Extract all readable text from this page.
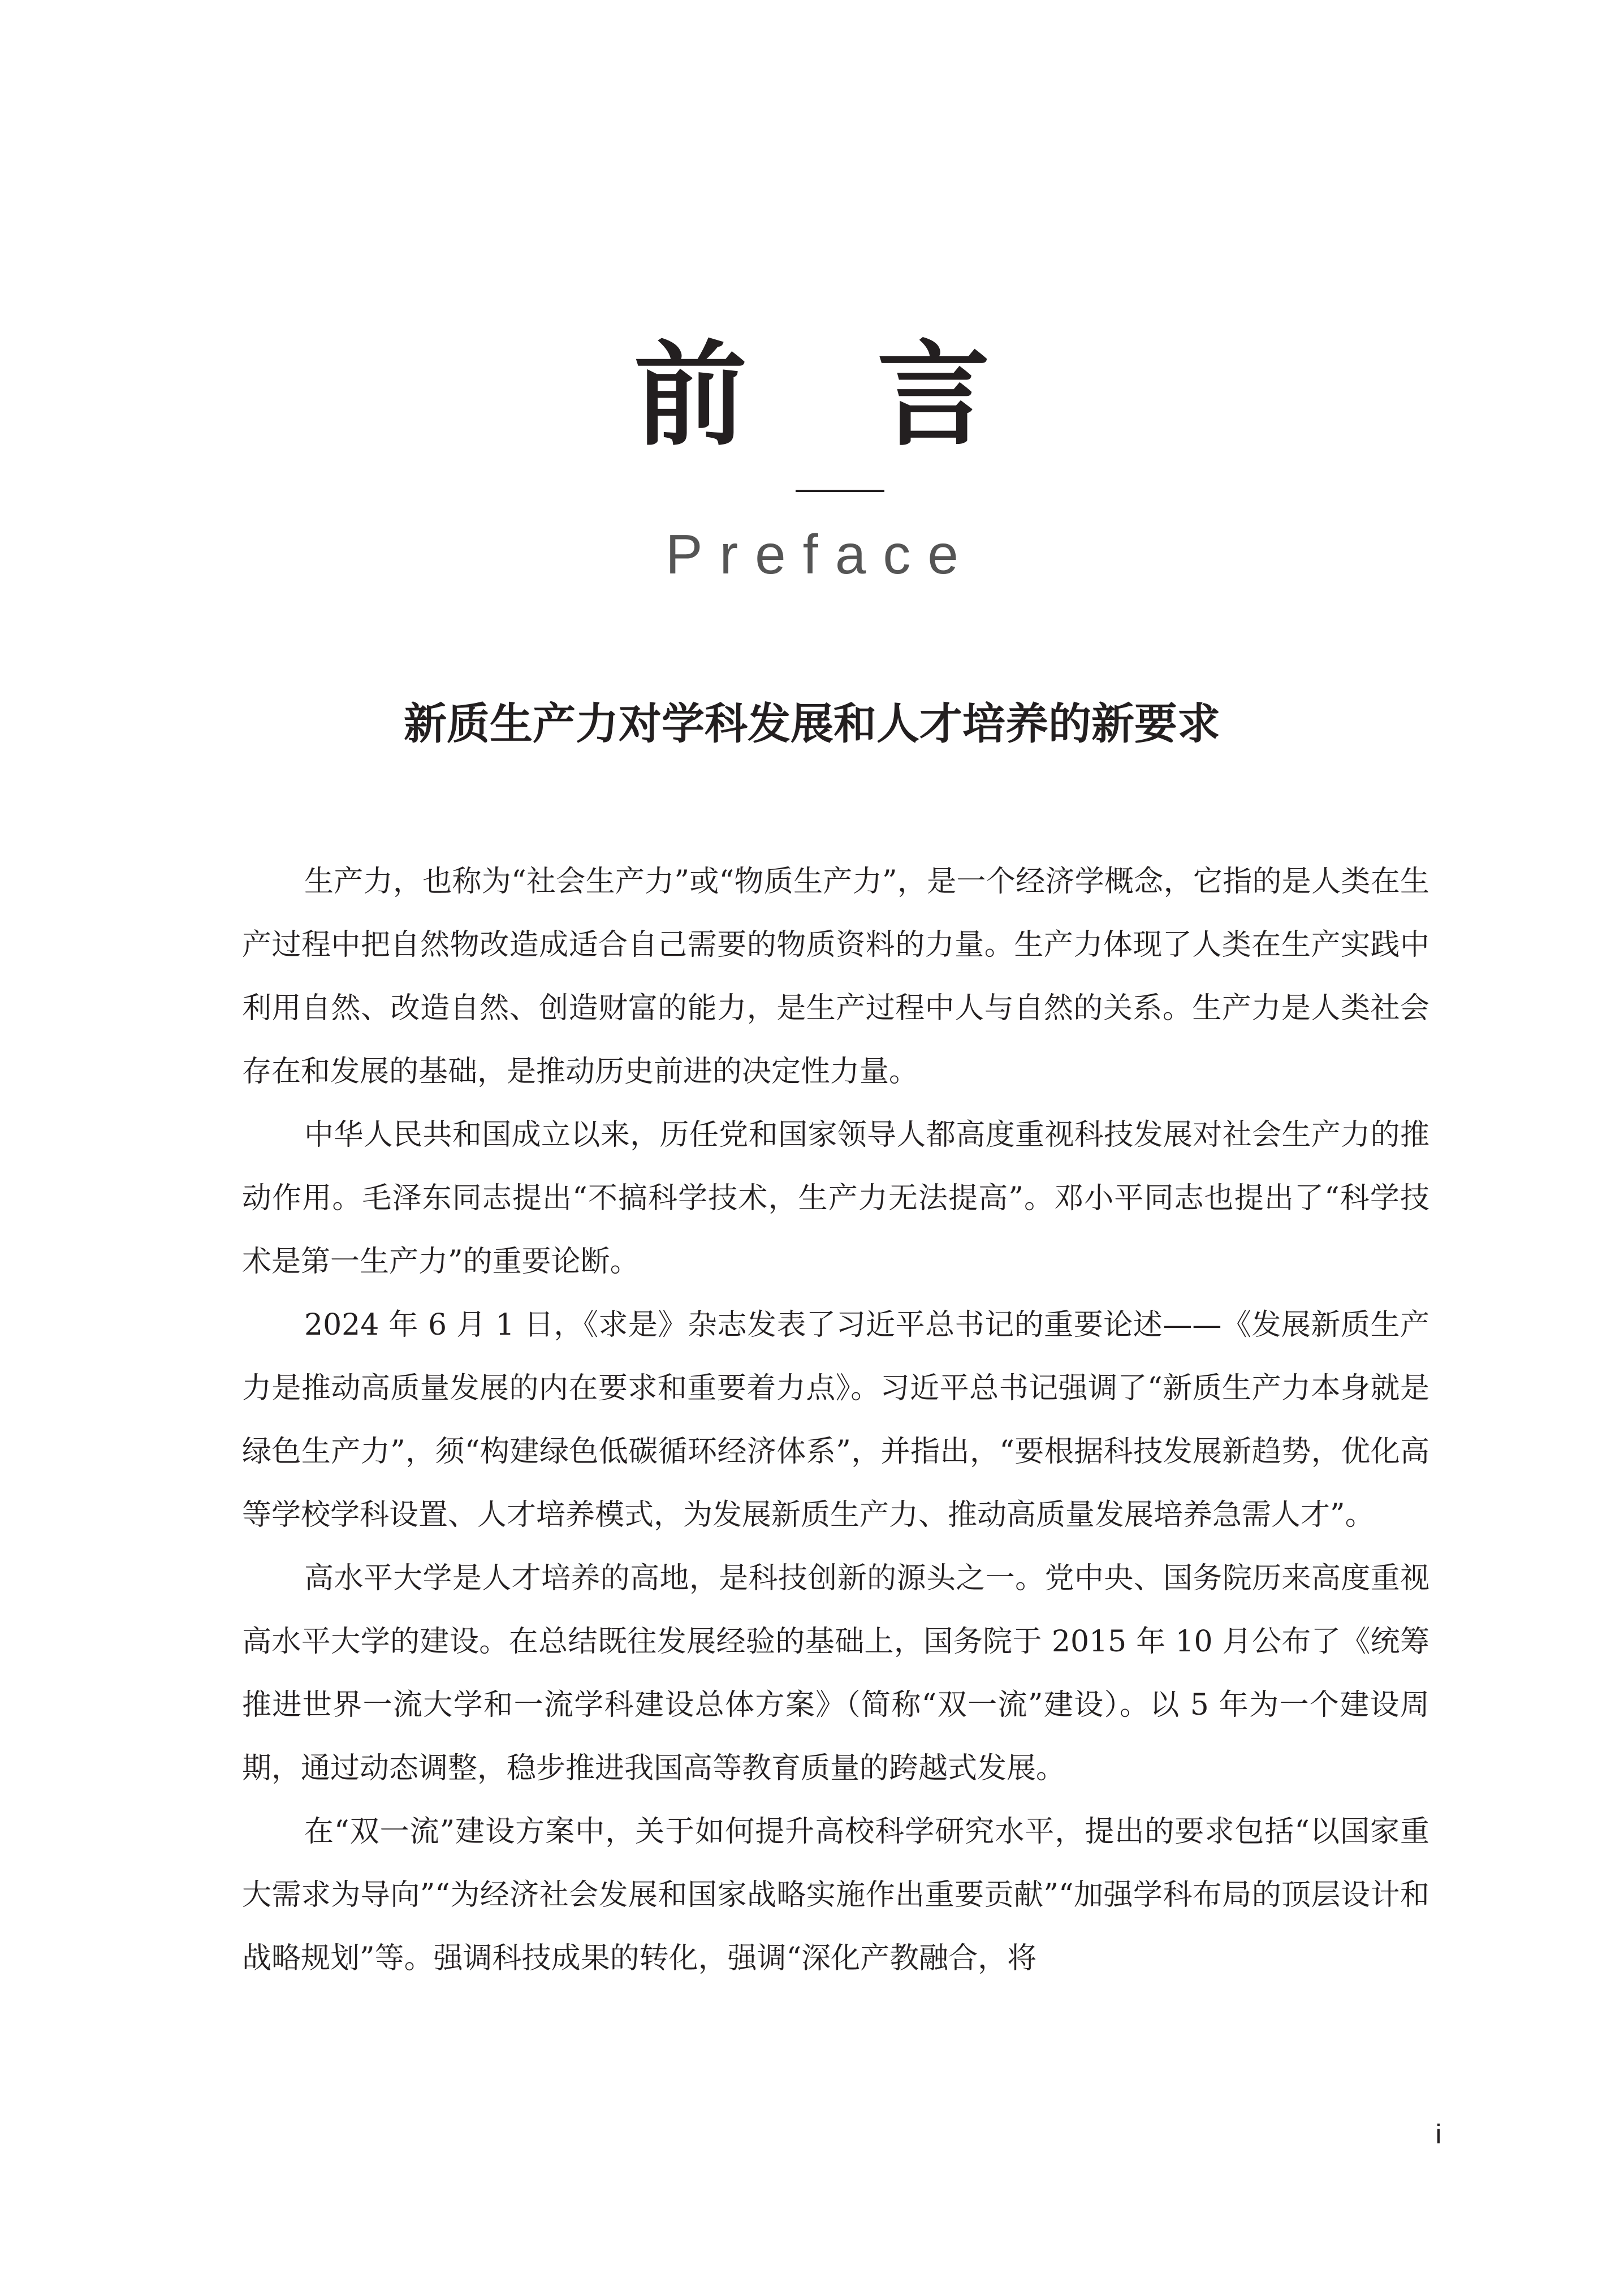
前言
Preface
新质生产力对学科发展和人才培养的新要求

生产力，也称为“社会生产力”或“物质生产力”，是一个经济学概念，它指的是人类在生产过程中把自然物改造成适合自己需要的物质资料的力量。生产力体现了人类在生产实践中利用自然、改造自然、创造财富的能力，是生产过程中人与自然的关系。生产力是人类社会存在和发展的基础，是推动历史前进的决定性力量。

中华人民共和国成立以来，历任党和国家领导人都高度重视科技发展对社会生产力的推动作用。毛泽东同志提出“不搞科学技术，生产力无法提高”。邓小平同志也提出了“科学技术是第一生产力”的重要论断。

2024 年 6 月 1 日，《求是》杂志发表了习近平总书记的重要论述——《发展新质生产力是推动高质量发展的内在要求和重要着力点》。习近平总书记强调了“新质生产力本身就是绿色生产力”，须“构建绿色低碳循环经济体系”，并指出，“要根据科技发展新趋势，优化高等学校学科设置、人才培养模式，为发展新质生产力、推动高质量发展培养急需人才”。

高水平大学是人才培养的高地，是科技创新的源头之一。党中央、国务院历来高度重视高水平大学的建设。在总结既往发展经验的基础上，国务院于 2015 年 10 月公布了《统筹推进世界一流大学和一流学科建设总体方案》（简称“双一流”建设）。以 5 年为一个建设周期，通过动态调整，稳步推进我国高等教育质量的跨越式发展。

在“双一流”建设方案中，关于如何提升高校科学研究水平，提出的要求包括“以国家重大需求为导向”“为经济社会发展和国家战略实施作出重要贡献”“加强学科布局的顶层设计和战略规划”等。强调科技成果的转化，强调“深化产教融合，将

i
